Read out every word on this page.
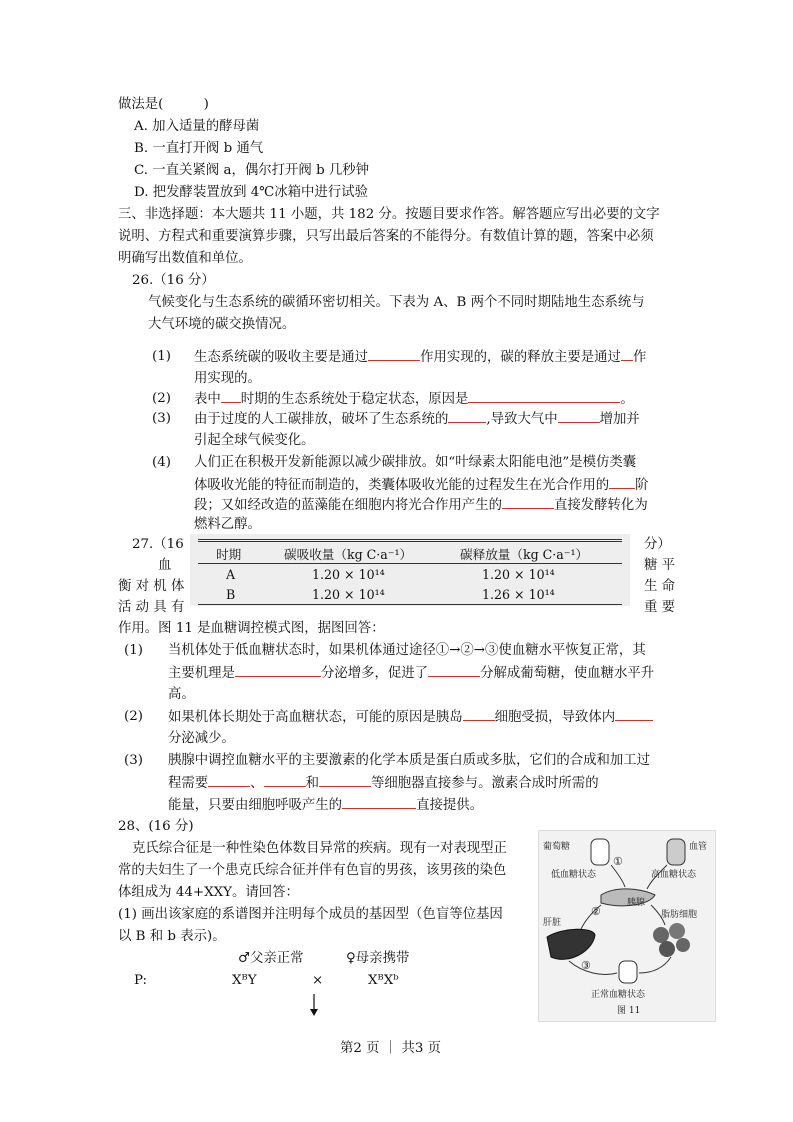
做法是(　　　)
A. 加入适量的酵母菌
B. 一直打开阀 b 通气
C. 一直关紧阀 a，偶尔打开阀 b 几秒钟
D. 把发酵装置放到 4℃冰箱中进行试验
三、非选择题：本大题共 11 小题，共 182 分。按题目要求作答。解答题应写出必要的文字
说明、方程式和重要演算步骤，只写出最后答案的不能得分。有数值计算的题，答案中必须
明确写出数值和单位。
26.（16 分）
气候变化与生态系统的碳循环密切相关。下表为 A、B 两个不同时期陆地生态系统与
大气环境的碳交换情况。
(1) 生态系统碳的吸收主要是通过	作用实现的，碳的释放主要是通过 作
用实现的。
(2) 表中 时期的生态系统处于稳定状态，原因是	。
(3) 由于过度的人工碳排放，破坏了生态系统的	,导致大气中	增加并
引起全球气候变化。
(4) 人们正在积极开发新能源以减少碳排放。如“叶绿素太阳能电池”是模仿类囊
体吸收光能的特征而制造的，类囊体吸收光能的过程发生在光合作用的 阶
段；又如经改造的蓝藻能在细胞内将光合作用产生的	直接发酵转化为
燃料乙醇。
时期	碳吸收量（kg C·a⁻¹）	碳释放量（kg C·a⁻¹）
A	1.20 × 10¹⁴	1.20 × 10¹⁴
B	1.20 × 10¹⁴	1.26 × 10¹⁴
27.（16	分）
血	糖 平
衡 对 机 体	生 命
活 动 具 有	重 要
作用。图 11 是血糖调控模式图，据图回答：
(1) 当机体处于低血糖状态时，如果机体通过途径①→②→③使血糖水平恢复正常，其
主要机理是	分泌增多，促进了	分解成葡萄糖，使血糖水平升
高。
(2) 如果机体长期处于高血糖状态，可能的原因是胰岛 细胞受损，导致体内
分泌减少。
(3) 胰腺中调控血糖水平的主要激素的化学本质是蛋白质或多肽，它们的合成和加工过
程需要	、	和	等细胞器直接参与。激素合成时所需的
能量，只要由细胞呼吸产生的	直接提供。
28、(16 分)
克氏综合征是一种性染色体数目异常的疾病。现有一对表现型正
常的夫妇生了一个患克氏综合征并伴有色盲的男孩，该男孩的染色
体组成为 44+XXY。请回答：
(1) 画出该家庭的系谱图并注明每个成员的基因型（色盲等位基因
以 B 和 b 表示)。
♂父亲正常	♀母亲携带
P:	XᴮY	×	XᴮXᵇ
葡萄糖	血管
①
低血糖状态	高血糖状态
胰腺
②
肝脏
脂肪细胞
③
正常血糖状态
图 11
第2 页 ｜ 共3 页
